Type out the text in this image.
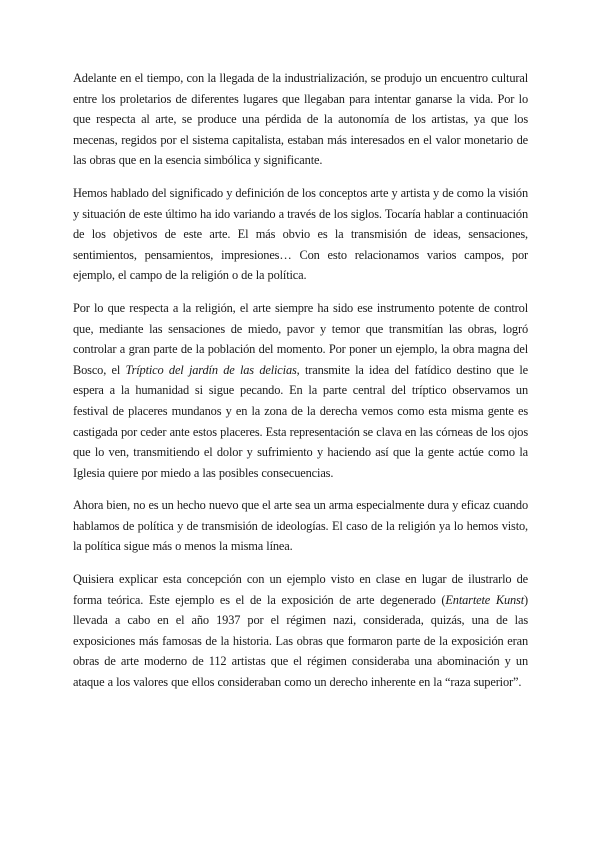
Adelante en el tiempo, con la llegada de la industrialización, se produjo un encuentro cultural entre los proletarios de diferentes lugares que llegaban para intentar ganarse la vida. Por lo que respecta al arte, se produce una pérdida de la autonomía de los artistas, ya que los mecenas, regidos por el sistema capitalista, estaban más interesados en el valor monetario de las obras que en la esencia simbólica y significante.

Hemos hablado del significado y definición de los conceptos arte y artista y de como la visión y situación de este último ha ido variando a través de los siglos. Tocaría hablar a continuación de los objetivos de este arte. El más obvio es la transmisión de ideas, sensaciones, sentimientos, pensamientos, impresiones… Con esto relacionamos varios campos, por ejemplo, el campo de la religión o de la política.

Por lo que respecta a la religión, el arte siempre ha sido ese instrumento potente de control que, mediante las sensaciones de miedo, pavor y temor que transmitían las obras, logró controlar a gran parte de la población del momento. Por poner un ejemplo, la obra magna del Bosco, el Tríptico del jardín de las delicias, transmite la idea del fatídico destino que le espera a la humanidad si sigue pecando. En la parte central del tríptico observamos un festival de placeres mundanos y en la zona de la derecha vemos como esta misma gente es castigada por ceder ante estos placeres. Esta representación se clava en las córneas de los ojos que lo ven, transmitiendo el dolor y sufrimiento y haciendo así que la gente actúe como la Iglesia quiere por miedo a las posibles consecuencias.

Ahora bien, no es un hecho nuevo que el arte sea un arma especialmente dura y eficaz cuando hablamos de política y de transmisión de ideologías. El caso de la religión ya lo hemos visto, la política sigue más o menos la misma línea.

Quisiera explicar esta concepción con un ejemplo visto en clase en lugar de ilustrarlo de forma teórica. Este ejemplo es el de la exposición de arte degenerado (Entartete Kunst) llevada a cabo en el año 1937 por el régimen nazi, considerada, quizás, una de las exposiciones más famosas de la historia. Las obras que formaron parte de la exposición eran obras de arte moderno de 112 artistas que el régimen consideraba una abominación y un ataque a los valores que ellos consideraban como un derecho inherente en la “raza superior”.
